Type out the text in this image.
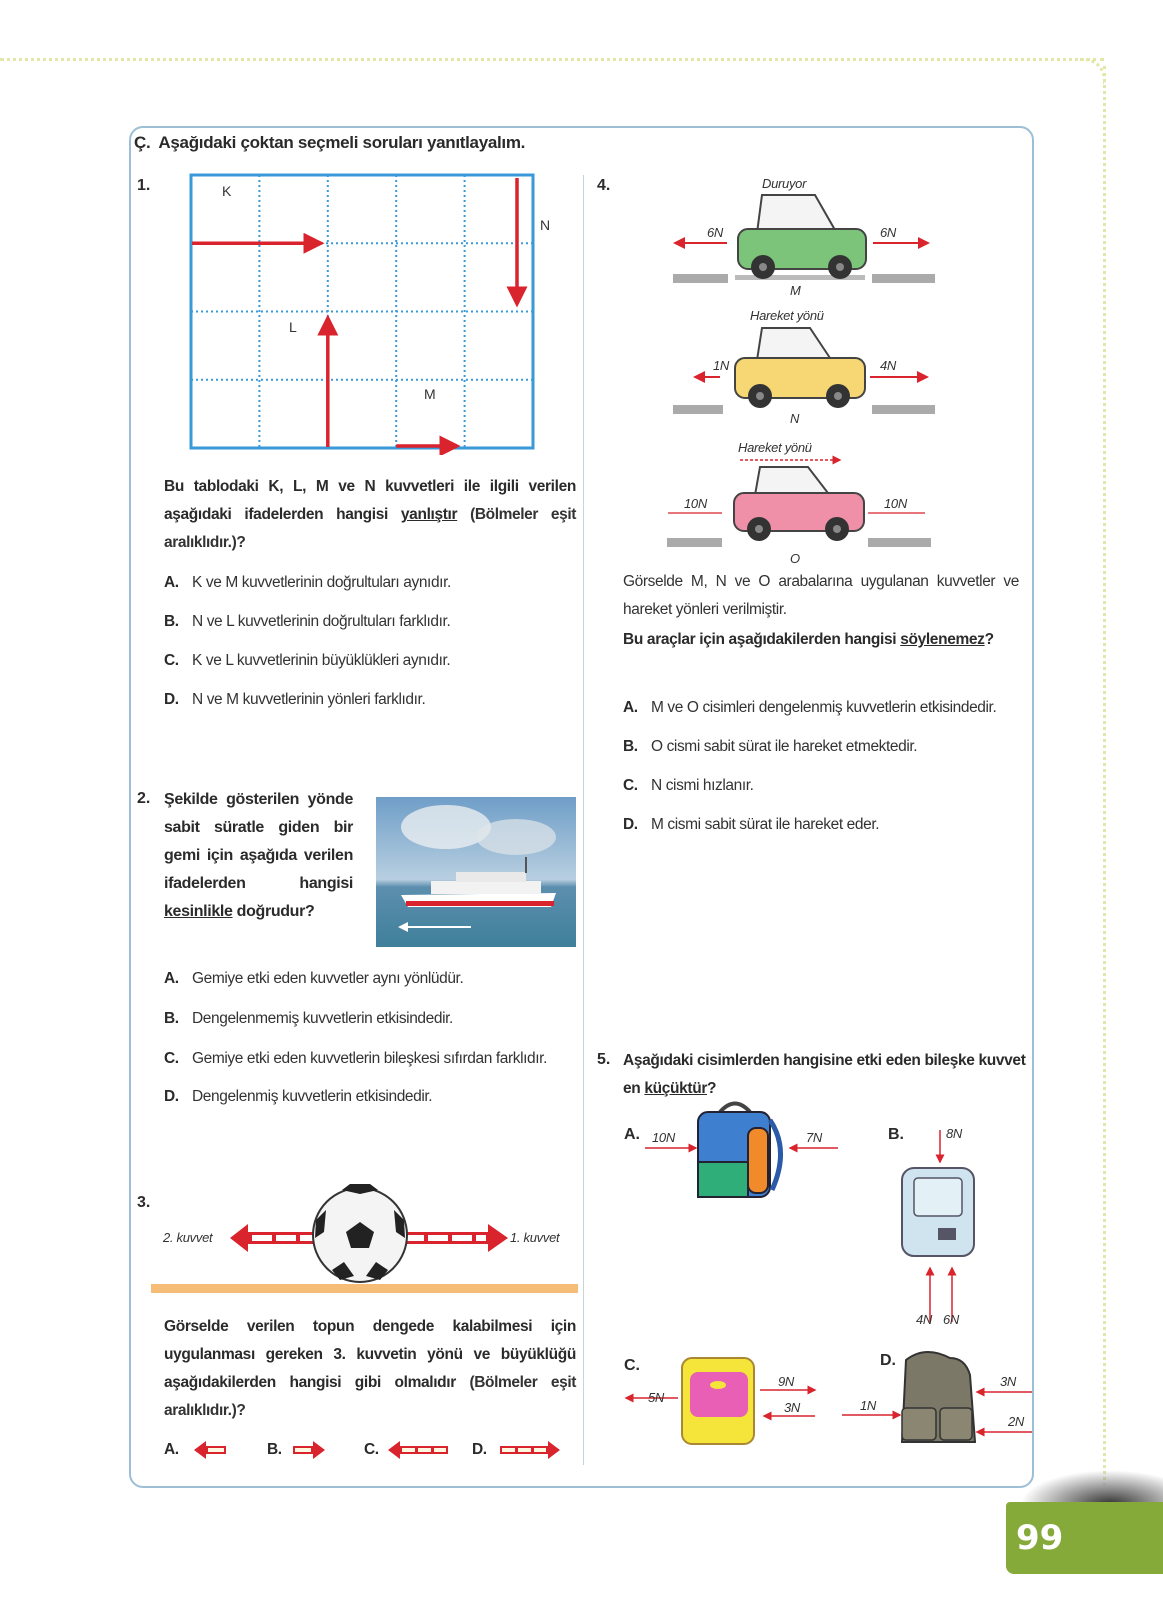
Ç. Aşağıdaki çoktan seçmeli soruları yanıtlayalım.
1.	K
N
L
M
Bu tablodaki K, L, M ve N kuvvetleri ile ilgili verilen aşağıdaki ifadelerden hangisi yanlıştır (Bölmeler eşit aralıklıdır.)?
A. K ve M kuvvetlerinin doğrultuları aynıdır.
B. N ve L kuvvetlerinin doğrultuları farklıdır.
C. K ve L kuvvetlerinin büyüklükleri aynıdır.
D. N ve M kuvvetlerinin yönleri farklıdır.
2. Şekilde gösterilen yönde sabit süratle giden bir gemi için aşağıda verilen ifadelerden hangisi kesinlikle doğrudur?
A. Gemiye etki eden kuvvetler aynı yönlüdür.
B. Dengelenmemiş kuvvetlerin etkisindedir.
C. Gemiye etki eden kuvvetlerin bileşkesi sıfırdan farklıdır.
D. Dengelenmiş kuvvetlerin etkisindedir.
3.
2. kuvvet	1. kuvvet
Görselde verilen topun dengede kalabilmesi için uygulanması gereken 3. kuvvetin yönü ve büyüklüğü aşağıdakilerden hangisi gibi olmalıdır (Bölmeler eşit aralıklıdır.)?
A.	B.	C.	D.
4.	Duruyor
6N	6N
M
Hareket yönü
1N	4N
N
Hareket yönü
10N	10N
O
Görselde M, N ve O arabalarına uygulanan kuvvetler ve hareket yönleri verilmiştir.
Bu araçlar için aşağıdakilerden hangisi söylenemez?
A. M ve O cisimleri dengelenmiş kuvvetlerin etkisindedir.
B. O cismi sabit sürat ile hareket etmektedir.
C. N cismi hızlanır.
D. M cismi sabit sürat ile hareket eder.
5. Aşağıdaki cisimlerden hangisine etki eden bileşke kuvvet en küçüktür?
A. 10N	7N	B.	8N
4N 6N
C.
5N
9N
3N
D.
1N
3N
2N
99
